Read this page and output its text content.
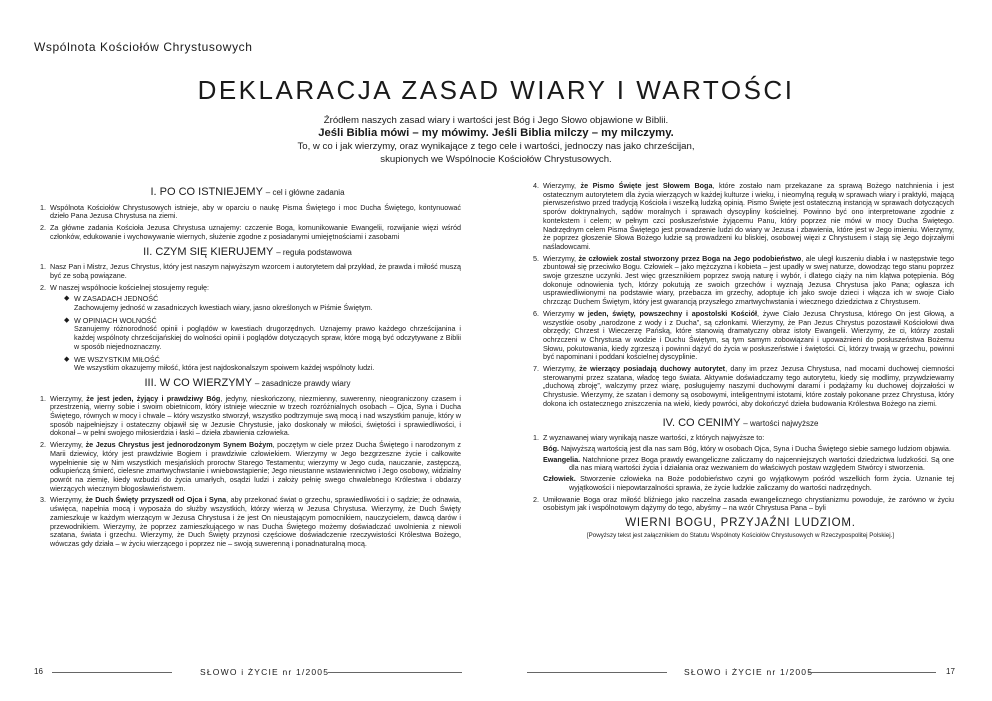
Wspólnota Kościołów Chrystusowych
DEKLARACJA ZASAD WIARY I WARTOŚCI
Źródłem naszych zasad wiary i wartości jest Bóg i Jego Słowo objawione w Biblii.
Jeśli Biblia mówi – my mówimy. Jeśli Biblia milczy – my milczymy.
To, w co i jak wierzymy, oraz wynikające z tego cele i wartości, jednoczy nas jako chrześcijan,
skupionych we Wspólnocie Kościołów Chrystusowych.
I. PO CO ISTNIEJEMY – cel i główne zadania
1. Wspólnota Kościołów Chrystusowych istnieje, aby w oparciu o naukę Pisma Świętego i moc Ducha Świętego, kontynuować dzieło Pana Jezusa Chrystusa na ziemi.
2. Za główne zadania Kościoła Jezusa Chrystusa uznajemy: czczenie Boga, komunikowanie Ewangelii, rozwijanie więzi wśród członków, edukowanie i wychowywanie wiernych, służenie zgodne z posiadanymi umiejętnościami i zasobami
II. CZYM SIĘ KIERUJEMY – reguła podstawowa
1. Nasz Pan i Mistrz, Jezus Chrystus, który jest naszym najwyższym wzorcem i autorytetem dał przykład, że prawda i miłość muszą być ze sobą powiązane.
2. W naszej wspólnocie kościelnej stosujemy regułę:
◆ W ZASADACH JEDNOŚĆ
Zachowujemy jedność w zasadniczych kwestiach wiary, jasno określonych w Piśmie Świętym.
◆ W OPINIACH WOLNOŚĆ
Szanujemy różnorodność opinii i poglądów w kwestiach drugorzędnych. Uznajemy prawo każdego chrześcijanina i każdej wspólnoty chrześcijańskiej do wolności opinii i poglądów dotyczących spraw, które mogą być odczytywane z Biblii w sposób niejednoznaczny.
◆ WE WSZYSTKIM MIŁOŚĆ
We wszystkim okazujemy miłość, która jest najdoskonalszym spoiwem każdej wspólnoty ludzi.
III. W CO WIERZYMY – zasadnicze prawdy wiary
1. Wierzymy, że jest jeden, żyjący i prawdziwy Bóg, jedyny, nieskończony, niezmienny, suwerenny, nieograniczony czasem i przestrzenią, wierny sobie i swoim obietnicom, który istnieje wiecznie w trzech rozróżnialnych osobach – Ojca, Syna i Ducha Świętego, równych w mocy i chwale – który wszystko stworzył, wszystko podtrzymuje swą mocą i nad wszystkim panuje, który w sposób najpełniejszy i ostateczny objawił się w Jezusie Chrystusie, jako doskonały w miłości, świętości i sprawiedliwości, i dokonał – w pełni swojego miłosierdzia i łaski – dzieła zbawienia człowieka.
2. Wierzymy, że Jezus Chrystus jest jednorodzonym Synem Bożym, poczętym w ciele przez Ducha Świętego i narodzonym z Marii dziewicy, który jest prawdziwie Bogiem i prawdziwie człowiekiem. Wierzymy w Jego bezgrzeszne życie i całkowite wypełnienie się w Nim wszystkich mesjańskich proroctw Starego Testamentu; wierzymy w Jego cuda, nauczanie, zastępczą, odkupieńczą śmierć, cielesne zmartwychwstanie i wniebowstąpienie; Jego nieustanne wstawiennictwo i Jego osobowy, widzialny powrót na ziemię, kiedy wzbudzi do życia umarłych, osądzi ludzi i założy pełnię swego chwalebnego Królestwa i obdarzy wierzących wiecznym błogosławieństwem.
3. Wierzymy, że Duch Święty przyszedł od Ojca i Syna, aby przekonać świat o grzechu, sprawiedliwości i o sądzie; że odnawia, uświęca, napełnia mocą i wyposaża do służby wszystkich, którzy wierzą w Jezusa Chrystusa. Wierzymy, że Duch Święty zamieszkuje w każdym wierzącym w Jezusa Chrystusa i że jest On nieustającym pomocnikiem, nauczycielem, dawcą darów i przewodnikiem. Wierzymy, że poprzez zamieszkującego w nas Ducha Świętego możemy doświadczać uwolnienia z niewoli szatana, świata i grzechu. Wierzymy, że Duch Święty przynosi częściowe doświadczenie rzeczywistości Królestwa Bożego, wówczas gdy działa – w życiu wierzącego i poprzez nie – swoją suwerenną i ponadnaturalną mocą.
4. Wierzymy, że Pismo Święte jest Słowem Boga, które zostało nam przekazane za sprawą Bożego natchnienia i jest ostatecznym autorytetem dla życia wierzących w każdej kulturze i wieku, i nieomylną regułą w sprawach wiary i praktyki, mającą pierwszeństwo przed tradycją Kościoła i wszelką ludzką opinią. Pismo Święte jest ostateczną instancją w sprawach dotyczących sporów doktrynalnych, sądów moralnych i sprawach dyscypliny kościelnej. Powinno być ono interpretowane zgodnie z kontekstem i celem; w pełnym czci posłuszeństwie żyjącemu Panu, który poprzez nie mówi w mocy Ducha Świętego. Nadrzędnym celem Pisma Świętego jest prowadzenie ludzi do wiary w Jezusa i zbawienia, które jest w Jego imieniu. Wierzymy, że poprzez głoszenie Słowa Bożego ludzie są prowadzeni ku bliskiej, osobowej więzi z Chrystusem i stają się Jego dojrzałymi naśladowcami.
5. Wierzymy, że człowiek został stworzony przez Boga na Jego podobieństwo, ale uległ kuszeniu diabła i w następstwie tego zbuntował się przeciwko Bogu. Człowiek – jako mężczyzna i kobieta – jest upadły w swej naturze, dowodząc tego stanu poprzez swoje grzeszne uczynki. Jest więc grzesznikiem poprzez swoją naturę i wybór, i dlatego ciąży na nim klątwa potępienia. Bóg dokonuje odnowienia tych, którzy pokutują ze swoich grzechów i wyznają Jezusa Chrystusa jako Pana; ogłasza ich usprawiedliwionymi na podstawie wiary, przebacza im grzechy, adoptuje ich jako swoje dzieci i włącza ich w swoje Ciało chrzcząc Duchem Świętym, który jest gwarancją przyszłego zmartwychwstania i wiecznego dziedzictwa z Chrystusem.
6. Wierzymy w jeden, święty, powszechny i apostolski Kościół, żywe Ciało Jezusa Chrystusa, którego On jest Głową, a wszystkie osoby „narodzone z wody i z Ducha”, są członkami. Wierzymy, że Pan Jezus Chrystus pozostawił Kościołowi dwa obrzędy; Chrzest i Wieczerzę Pańską, które stanowią dramatyczny obraz istoty Ewangelii. Wierzymy, że ci, którzy zostali ochrzczeni w Chrystusa w wodzie i Duchu Świętym, są tym samym zobowiązani i upoważnieni do posłuszeństwa Bożemu Słowu, pokutowania, kiedy zgrzeszą i powinni dążyć do życia w posłuszeństwie i świętości. Ci, którzy trwają w grzechu, powinni być napominani i poddani kościelnej dyscyplinie.
7. Wierzymy, że wierzący posiadają duchowy autorytet, dany im przez Jezusa Chrystusa, nad mocami duchowej ciemności sterowanymi przez szatana, władcę tego świata. Aktywnie doświadczamy tego autorytetu, kiedy się modlimy, przywdziewamy „duchową zbroję”, walczymy przez wiarę, posługujemy naszymi duchowymi darami i podążamy ku duchowej dojrzałości w Chrystusie. Wierzymy, że szatan i demony są osobowymi, inteligentnymi istotami, które zostały pokonane przez Chrystusa, który dokona ich ostatecznego zniszczenia na wieki, kiedy powróci, aby dokończyć dzieła budowania Królestwa Bożego na ziemi.
IV. CO CENIMY – wartości najwyższe
1. Z wyznawanej wiary wynikają nasze wartości, z których najwyższe to:
Bóg. Najwyższą wartością jest dla nas sam Bóg, który w osobach Ojca, Syna i Ducha Świętego siebie samego ludziom objawia.
Ewangelia. Natchnione przez Boga prawdy ewangeliczne zaliczamy do najcenniejszych wartości dziedzictwa ludzkości. Są one dla nas miarą wartości życia i działania oraz wezwaniem do właściwych postaw względem Stwórcy i stworzenia.
Człowiek. Stworzenie człowieka na Boże podobieństwo czyni go wyjątkowym pośród wszelkich form życia. Uznanie tej wyjątkowości i niepowtarzalności sprawia, że życie ludzkie zaliczamy do wartości nadrzędnych.
2. Umiłowanie Boga oraz miłość bliźniego jako naczelna zasada ewangelicznego chrystianizmu powoduje, że zarówno w życiu osobistym jak i wspólnotowym dążymy do tego, abyśmy – na wzór Chrystusa Pana – byli
WIERNI BOGU, PRZYJAŹNI LUDZIOM.
[Powyższy tekst jest załącznikiem do Statutu Wspólnoty Kościołów Chrystusowych w Rzeczypospolitej Polskiej.]
16	SŁOWO i ŻYCIE nr 1/2005	SŁOWO i ŻYCIE nr 1/2005	17
